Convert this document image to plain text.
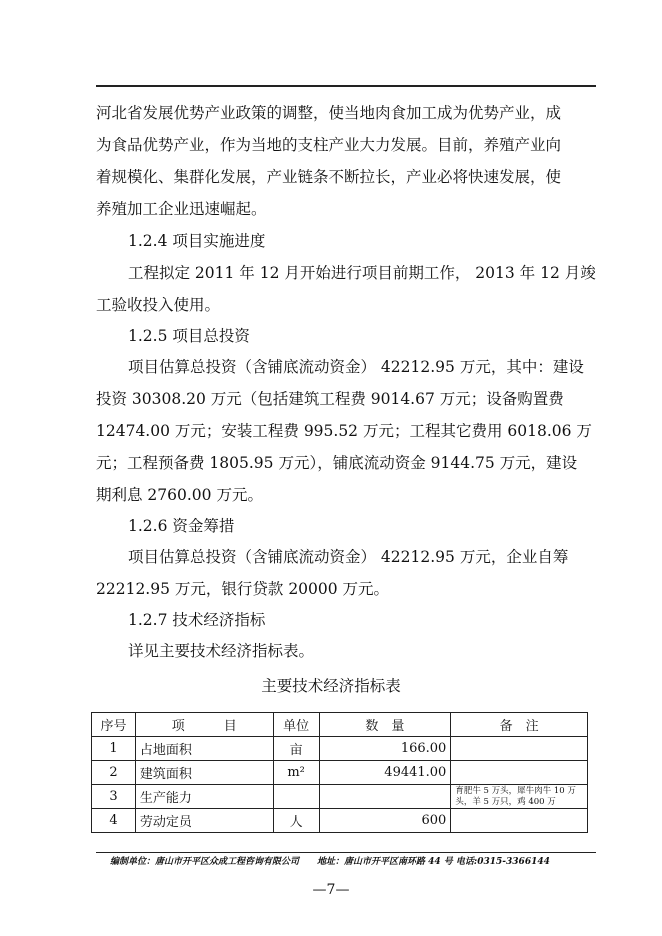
河北省发展优势产业政策的调整，使当地肉食加工成为优势产业，成
为食品优势产业，作为当地的支柱产业大力发展。目前，养殖产业向
着规模化、集群化发展，产业链条不断拉长，产业必将快速发展，使
养殖加工企业迅速崛起。
1.2.4 项目实施进度
工程拟定 2011 年 12 月开始进行项目前期工作， 2013 年 12 月竣
工验收投入使用。
1.2.5 项目总投资
项目估算总投资（含铺底流动资金） 42212.95 万元，其中：建设
投资 30308.20 万元（包括建筑工程费 9014.67 万元；设备购置费
12474.00 万元；安装工程费 995.52 万元；工程其它费用 6018.06 万
元；工程预备费 1805.95 万元），铺底流动资金 9144.75 万元，建设
期利息 2760.00 万元。
1.2.6 资金筹措
项目估算总投资（含铺底流动资金） 42212.95 万元，企业自筹
22212.95 万元，银行贷款 20000 万元。
1.2.7 技术经济指标
详见主要技术经济指标表。
主要技术经济指标表
序号	项　　　目	单位	数　量	备　注
1	占地面积	亩	166.00	
2	建筑面积	m²	49441.00	
3	生产能力			育肥牛 5 万头，犀牛肉牛 10 万头，羊 5 万只，鸡 400 万
4	劳动定员	人	600	
编制单位：唐山市开平区众成工程咨询有限公司　　地址：唐山市开平区南环路 44 号 电话:0315-3366144
—7—
